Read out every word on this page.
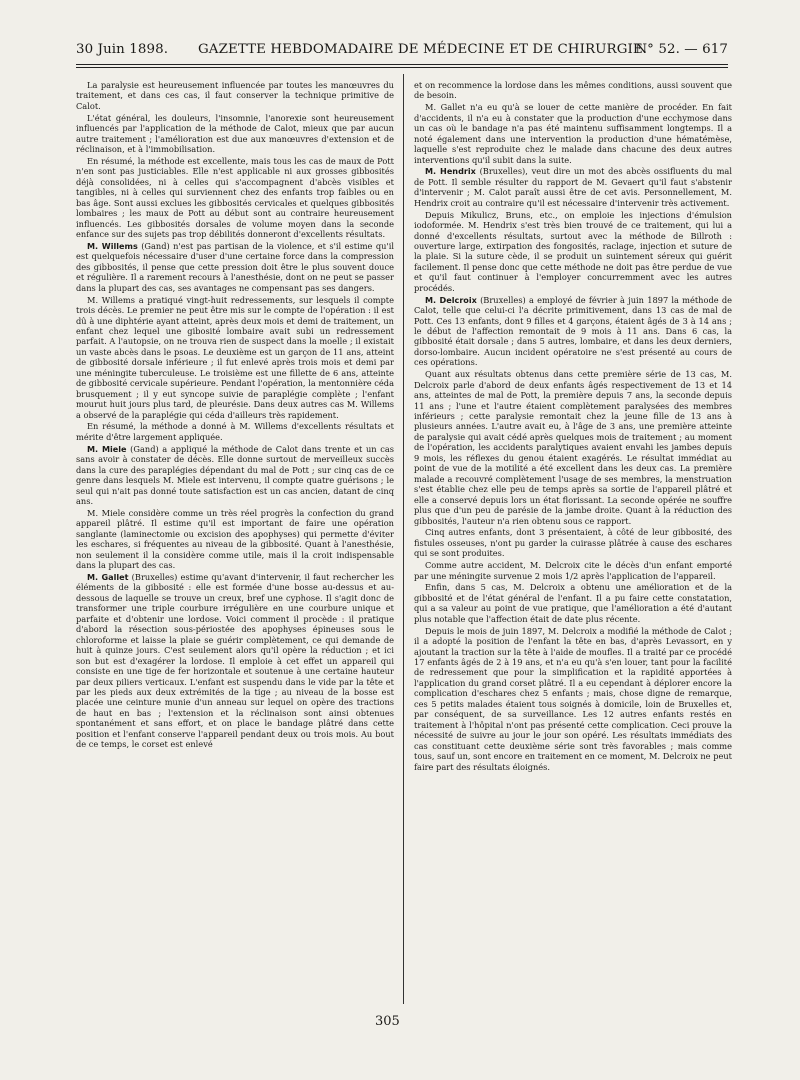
30 Juin 1898. GAZETTE HEBDOMADAIRE DE MÉDECINE ET DE CHIRURGIE.
N° 52. — 617

La paralysie est heureusement influencée par toutes les manœuvres du traitement, et dans ces cas, il faut conserver la technique primitive de Calot.

L'état général, les douleurs, l'insomnie, l'anorexie sont heureusement influencés par l'application de la méthode de Calot, mieux que par aucun autre traitement ; l'amélioration est due aux manœuvres d'extension et de réclinaison, et à l'immobilisation.

En résumé, la méthode est excellente, mais tous les cas de maux de Pott n'en sont pas justiciables. Elle n'est applicable ni aux grosses gibbosités déjà consolidées, ni à celles qui s'accompagnent d'abcès visibles et tangibles, ni à celles qui surviennent chez des enfants trop faibles ou en bas âge. Sont aussi exclues les gibbosités cervicales et quelques gibbosités lombaires ; les maux de Pott au début sont au contraire heureusement influencés. Les gibbosités dorsales de volume moyen dans la seconde enfance sur des sujets pas trop débilités donneront d'excellents résultats.

M. Willems (Gand) n'est pas partisan de la violence, et s'il estime qu'il est quelquefois nécessaire d'user d'une certaine force dans la compression des gibbosités, il pense que cette pression doit être le plus souvent douce et régulière. Il a rarement recours à l'anesthésie, dont on ne peut se passer dans la plupart des cas, ses avantages ne compensant pas ses dangers.

M. Willems a pratiqué vingt-huit redressements, sur lesquels il compte trois décès. Le premier ne peut être mis sur le compte de l'opération : il est dû à une diphtérie ayant atteint, après deux mois et demi de traitement, un enfant chez lequel une gibosité lombaire avait subi un redressement parfait. A l'autopsie, on ne trouva rien de suspect dans la moelle ; il existait un vaste abcès dans le psoas. Le deuxième est un garçon de 11 ans, atteint de gibbosité dorsale inférieure ; il fut enlevé après trois mois et demi par une méningite tuberculeuse. Le troisième est une fillette de 6 ans, atteinte de gibbosité cervicale supérieure. Pendant l'opération, la mentonnière céda brusquement ; il y eut syncope suivie de paraplégie complète ; l'enfant mourut huit jours plus tard, de pleurésie. Dans deux autres cas M. Willems a observé de la paraplégie qui céda d'ailleurs très rapidement.

En résumé, la méthode a donné à M. Willems d'excellents résultats et mérite d'être largement appliquée.

M. Miele (Gand) a appliqué la méthode de Calot dans trente et un cas sans avoir à constater de décès. Elle donne surtout de merveilleux succès dans la cure des paraplégies dépendant du mal de Pott ; sur cinq cas de ce genre dans lesquels M. Miele est intervenu, il compte quatre guérisons ; le seul qui n'ait pas donné toute satisfaction est un cas ancien, datant de cinq ans.

M. Miele considère comme un très réel progrès la confection du grand appareil plâtré. Il estime qu'il est important de faire une opération sanglante (laminectomie ou excision des apophyses) qui permette d'éviter les eschares, si fréquentes au niveau de la gibbosité. Quant à l'anesthésie, non seulement il la considère comme utile, mais il la croit indispensable dans la plupart des cas.

M. Gallet (Bruxelles) estime qu'avant d'intervenir, il faut rechercher les éléments de la gibbosité : elle est formée d'une bosse au-dessus et au-dessous de laquelle se trouve un creux, bref une cyphose. Il s'agit donc de transformer une triple courbure irrégulière en une courbure unique et parfaite et d'obtenir une lordose. Voici comment il procède : il pratique d'abord la résection sous-périostée des apophyses épineuses sous le chloroforme et laisse la plaie se guérir complètement, ce qui demande de huit à quinze jours. C'est seulement alors qu'il opère la réduction ; et ici son but est d'exagérer la lordose. Il emploie à cet effet un appareil qui consiste en une tige de fer horizontale et soutenue à une certaine hauteur par deux piliers verticaux. L'enfant est suspendu dans le vide par la tête et par les pieds aux deux extrémités de la tige ; au niveau de la bosse est placée une ceinture munie d'un anneau sur lequel on opère des tractions de haut en bas ; l'extension et la réclinaison sont ainsi obtenues spontanément et sans effort, et on place le bandage plâtré dans cette position et l'enfant conserve l'appareil pendant deux ou trois mois. Au bout de ce temps, le corset est enlevé

et on recommence la lordose dans les mêmes conditions, aussi souvent que de besoin.

M. Gallet n'a eu qu'à se louer de cette manière de procéder. En fait d'accidents, il n'a eu à constater que la production d'une ecchymose dans un cas où le bandage n'a pas été maintenu suffisamment longtemps. Il a noté également dans une intervention la production d'une hématémèse, laquelle s'est reproduite chez le malade dans chacune des deux autres interventions qu'il subit dans la suite.

M. Hendrix (Bruxelles), veut dire un mot des abcès ossifluents du mal de Pott. Il semble résulter du rapport de M. Gevaert qu'il faut s'abstenir d'intervenir ; M. Calot paraît aussi être de cet avis. Personnellement, M. Hendrix croit au contraire qu'il est nécessaire d'intervenir très activement.

Depuis Mikulicz, Bruns, etc., on emploie les injections d'émulsion iodoformée. M. Hendrix s'est très bien trouvé de ce traitement, qui lui a donné d'excellents résultats, surtout avec la méthode de Billroth : ouverture large, extirpation des fongosités, raclage, injection et suture de la plaie. Si la suture cède, il se produit un suintement séreux qui guérit facilement. Il pense donc que cette méthode ne doit pas être perdue de vue et qu'il faut continuer à l'employer concurremment avec les autres procédés.

M. Delcroix (Bruxelles) a employé de février à juin 1897 la méthode de Calot, telle que celui-ci l'a décrite primitivement, dans 13 cas de mal de Pott. Ces 13 enfants, dont 9 filles et 4 garçons, étaient âgés de 3 à 14 ans ; le début de l'affection remontait de 9 mois à 11 ans. Dans 6 cas, la gibbosité était dorsale ; dans 5 autres, lombaire, et dans les deux derniers, dorso-lombaire. Aucun incident opératoire ne s'est présenté au cours de ces opérations.

Quant aux résultats obtenus dans cette première série de 13 cas, M. Delcroix parle d'abord de deux enfants âgés respectivement de 13 et 14 ans, atteintes de mal de Pott, la première depuis 7 ans, la seconde depuis 11 ans ; l'une et l'autre étaient complètement paralysées des membres inférieurs ; cette paralysie remontait chez la jeune fille de 13 ans à plusieurs années. L'autre avait eu, à l'âge de 3 ans, une première atteinte de paralysie qui avait cédé après quelques mois de traitement ; au moment de l'opération, les accidents paralytiques avaient envahi les jambes depuis 9 mois, les réflexes du genou étaient exagérés. Le résultat immédiat au point de vue de la motilité a été excellent dans les deux cas. La première malade a recouvré complètement l'usage de ses membres, la menstruation s'est établie chez elle peu de temps après sa sortie de l'appareil plâtré et elle a conservé depuis lors un état florissant. La seconde opérée ne souffre plus que d'un peu de parésie de la jambe droite. Quant à la réduction des gibbosités, l'auteur n'a rien obtenu sous ce rapport.

Cinq autres enfants, dont 3 présentaient, à côté de leur gibbosité, des fistules osseuses, n'ont pu garder la cuirasse plâtrée à cause des eschares qui se sont produites.

Comme autre accident, M. Delcroix cite le décès d'un enfant emporté par une méningite survenue 2 mois 1/2 après l'application de l'appareil.

Enfin, dans 5 cas, M. Delcroix a obtenu une amélioration et de la gibbosité et de l'état général de l'enfant. Il a pu faire cette constatation, qui a sa valeur au point de vue pratique, que l'amélioration a été d'autant plus notable que l'affection était de date plus récente.

Depuis le mois de juin 1897, M. Delcroix a modifié la méthode de Calot ; il a adopté la position de l'enfant la tête en bas, d'après Levassort, en y ajoutant la traction sur la tête à l'aide de moufles. Il a traité par ce procédé 17 enfants âgés de 2 à 19 ans, et n'a eu qu'à s'en louer, tant pour la facilité de redressement que pour la simplification et la rapidité apportées à l'application du grand corset plâtré. Il a eu cependant à déplorer encore la complication d'eschares chez 5 enfants ; mais, chose digne de remarque, ces 5 petits malades étaient tous soignés à domicile, loin de Bruxelles et, par conséquent, de sa surveillance. Les 12 autres enfants restés en traitement à l'hôpital n'ont pas présenté cette complication. Ceci prouve la nécessité de suivre au jour le jour son opéré. Les résultats immédiats des cas constituant cette deuxième série sont très favorables ; mais comme tous, sauf un, sont encore en traitement en ce moment, M. Delcroix ne peut faire part des résultats éloignés.

305
